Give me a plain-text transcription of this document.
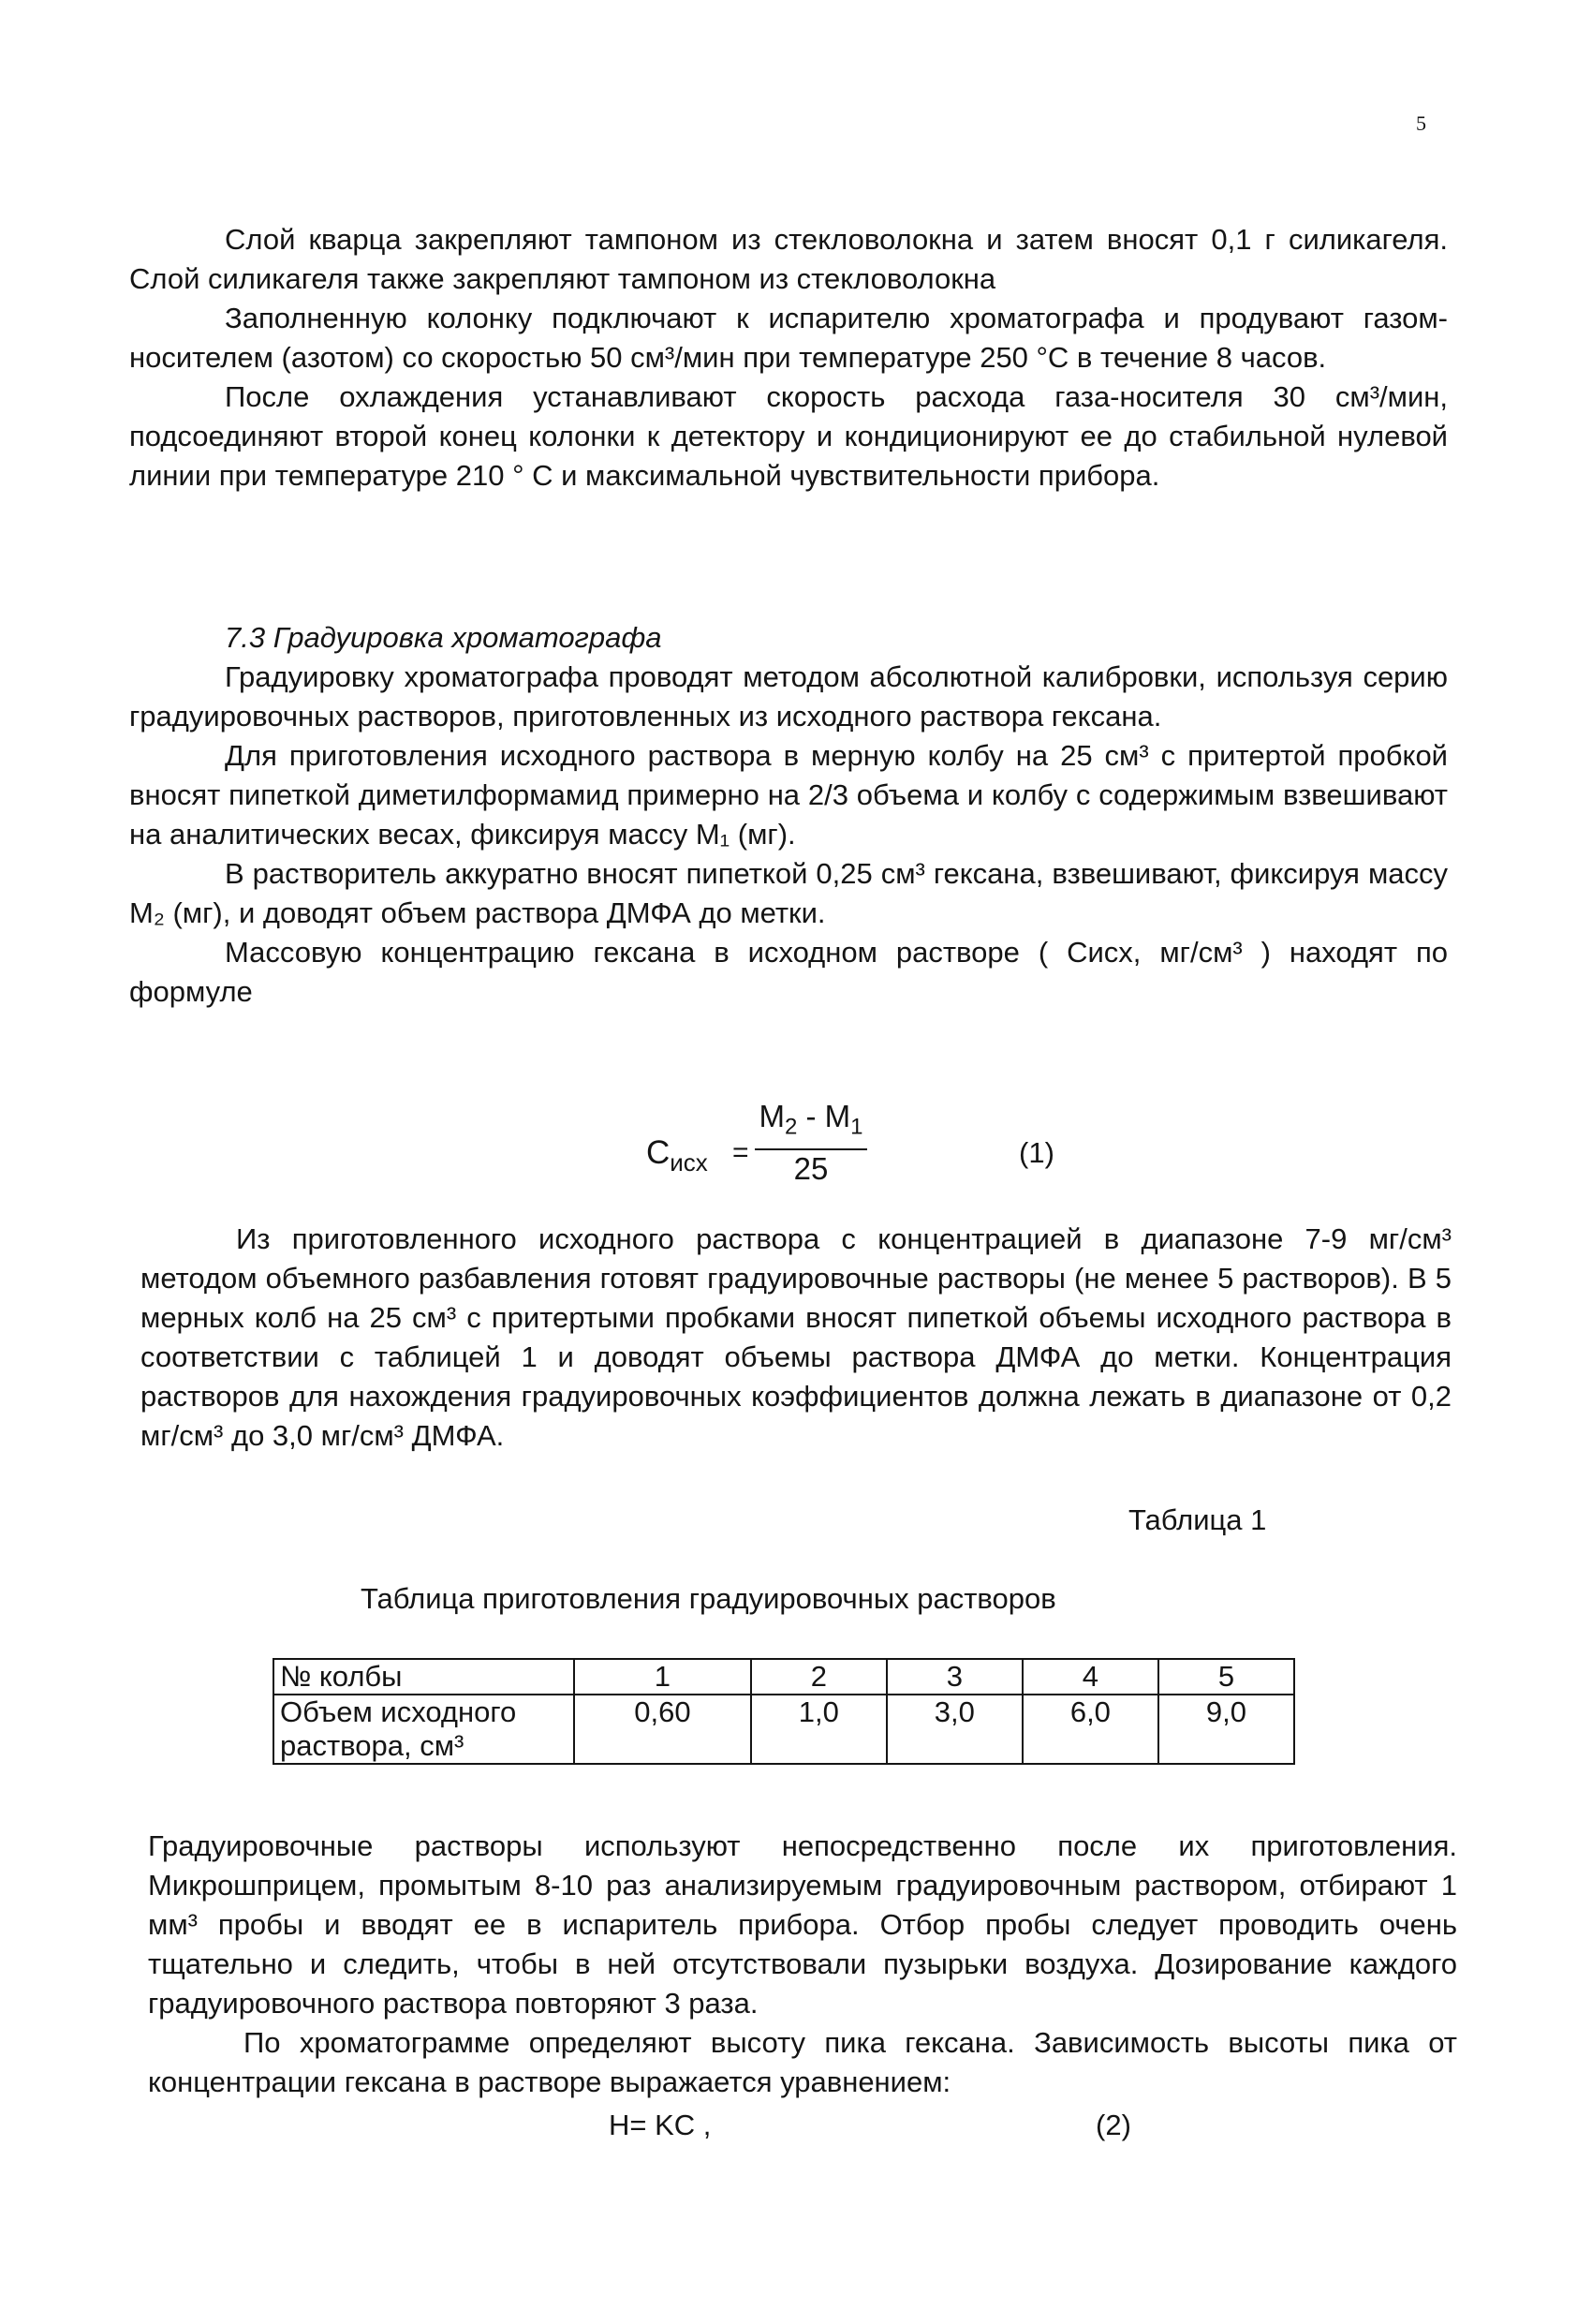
5

Слой кварца закрепляют тампоном из стекловолокна и затем вносят 0,1 г силикагеля. Слой силикагеля также закрепляют тампоном из стекловолокна

Заполненную колонку подключают к испарителю хроматографа и продувают газом-носителем (азотом) со скоростью 50 см³/мин при температуре 250 °С в течение 8 часов.

После охлаждения устанавливают скорость расхода газа-носителя 30 см³/мин, подсоединяют второй конец колонки к детектору и кондиционируют ее до стабильной нулевой линии при температуре 210 ° С и максимальной чувствительности прибора.

7.3 Градуировка хроматографа

Градуировку хроматографа проводят методом абсолютной калибровки, используя серию градуировочных растворов, приготовленных из исходного раствора гексана.

Для приготовления исходного раствора в мерную колбу на 25 см³ с притертой пробкой вносят пипеткой диметилформамид примерно на 2/3 объема и колбу с содержимым взвешивают на аналитических весах, фиксируя массу М₁ (мг).

В растворитель аккуратно вносят пипеткой 0,25 см³ гексана, взвешивают, фиксируя массу М₂ (мг), и доводят объем раствора ДМФА до метки.

Массовую концентрацию гексана в исходном растворе ( Сисх, мг/см³ ) находят по формуле

$C_{исх} = \frac{M_2 - M_1}{25}$	(1)

Из приготовленного исходного раствора с концентрацией в диапазоне 7-9 мг/см³ методом объемного разбавления готовят градуировочные растворы (не менее 5 растворов). В 5 мерных колб на 25 см³ с притертыми пробками вносят пипеткой объемы исходного раствора в соответствии с таблицей 1 и доводят объемы раствора ДМФА до метки. Концентрация растворов для нахождения градуировочных коэффициентов должна лежать в диапазоне от 0,2 мг/см³ до 3,0 мг/см³ ДМФА.

Таблица 1
Таблица приготовления градуировочных растворов
№ колбы	1	2	3	4	5
Объем исходного раствора, см³	0,60	1,0	3,0	6,0	9,0

Градуировочные растворы используют непосредственно после их приготовления. Микрошприцем, промытым 8-10 раз анализируемым градуировочным раствором, отбирают 1 мм³ пробы и вводят ее в испаритель прибора. Отбор пробы следует проводить очень тщательно и следить, чтобы в ней отсутствовали пузырьки воздуха. Дозирование каждого градуировочного раствора повторяют 3 раза.

По хроматограмме определяют высоту пика гексана. Зависимость высоты пика от концентрации гексана в растворе выражается уравнением:

H= KC ,	(2)
